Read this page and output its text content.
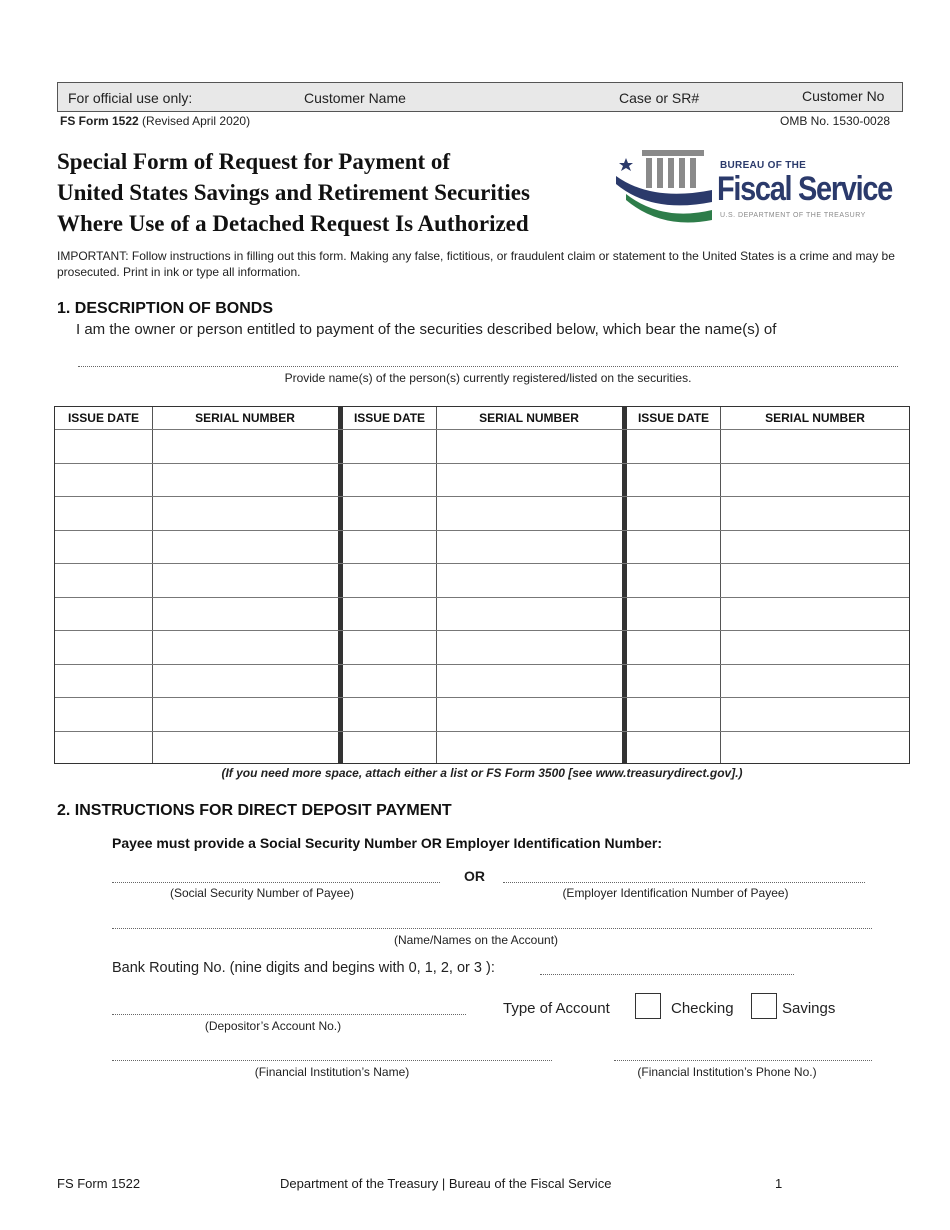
For official use only:	Customer Name	Case or SR#	Customer No
FS Form 1522 (Revised April 2020)	OMB No. 1530-0028
Special Form of Request for Payment of
United States Savings and Retirement Securities
Where Use of a Detached Request Is Authorized
BUREAU OF THE
Fiscal Service
U.S. DEPARTMENT OF THE TREASURY
IMPORTANT: Follow instructions in filling out this form. Making any false, fictitious, or fraudulent claim or statement to the United States is a crime and may be prosecuted. Print in ink or type all information.
1. DESCRIPTION OF BONDS
I am the owner or person entitled to payment of the securities described below, which bear the name(s) of
Provide name(s) of the person(s) currently registered/listed on the securities.
ISSUE DATE	SERIAL NUMBER	ISSUE DATE	SERIAL NUMBER	ISSUE DATE	SERIAL NUMBER
(If you need more space, attach either a list or FS Form 3500 [see www.treasurydirect.gov].)
2. INSTRUCTIONS FOR DIRECT DEPOSIT PAYMENT
Payee must provide a Social Security Number OR Employer Identification Number:
OR
(Social Security Number of Payee)	(Employer Identification Number of Payee)
(Name/Names on the Account)
Bank Routing No. (nine digits and begins with 0, 1, 2, or 3 ):
(Depositor’s Account No.)
Type of Account	Checking	Savings
(Financial Institution’s Name)	(Financial Institution’s Phone No.)
FS Form 1522	Department of the Treasury | Bureau of the Fiscal Service	1
